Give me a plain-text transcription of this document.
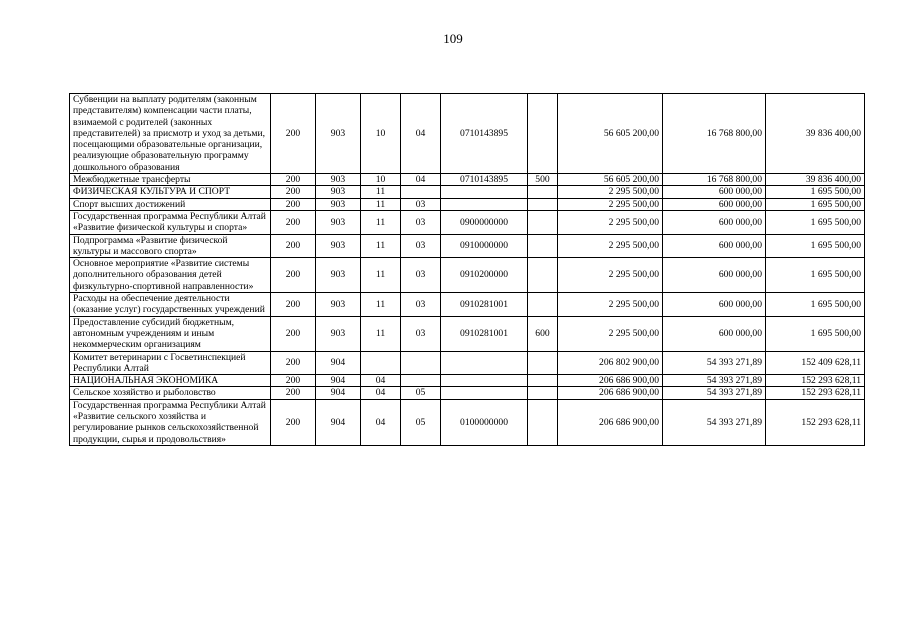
109
Субвенции на выплату родителям (законным представителям) компенсации части платы, взимаемой с родителей (законных представителей) за присмотр и уход за детьми, посещающими образовательные организации, реализующие образовательную программу дошкольного образования	200	903	10	04	0710143895		56 605 200,00	16 768 800,00	39 836 400,00
Межбюджетные трансферты	200	903	10	04	0710143895	500	56 605 200,00	16 768 800,00	39 836 400,00
ФИЗИЧЕСКАЯ КУЛЬТУРА И СПОРТ	200	903	11				2 295 500,00	600 000,00	1 695 500,00
Спорт высших достижений	200	903	11	03			2 295 500,00	600 000,00	1 695 500,00
Государственная программа Республики Алтай «Развитие физической культуры и спорта»	200	903	11	03	0900000000		2 295 500,00	600 000,00	1 695 500,00
Подпрограмма «Развитие физической культуры и массового спорта»	200	903	11	03	0910000000		2 295 500,00	600 000,00	1 695 500,00
Основное мероприятие «Развитие системы дополнительного образования детей физкультурно-спортивной направленности»	200	903	11	03	0910200000		2 295 500,00	600 000,00	1 695 500,00
Расходы на обеспечение деятельности (оказание услуг) государственных учреждений	200	903	11	03	0910281001		2 295 500,00	600 000,00	1 695 500,00
Предоставление субсидий бюджетным, автономным учреждениям и иным некоммерческим организациям	200	903	11	03	0910281001	600	2 295 500,00	600 000,00	1 695 500,00
Комитет ветеринарии с Госветинспекцией Республики Алтай	200	904					206 802 900,00	54 393 271,89	152 409 628,11
НАЦИОНАЛЬНАЯ ЭКОНОМИКА	200	904	04				206 686 900,00	54 393 271,89	152 293 628,11
Сельское хозяйство и рыболовство	200	904	04	05			206 686 900,00	54 393 271,89	152 293 628,11
Государственная программа Республики Алтай «Развитие сельского хозяйства и регулирование рынков сельскохозяйственной продукции, сырья и продовольствия»	200	904	04	05	0100000000		206 686 900,00	54 393 271,89	152 293 628,11
